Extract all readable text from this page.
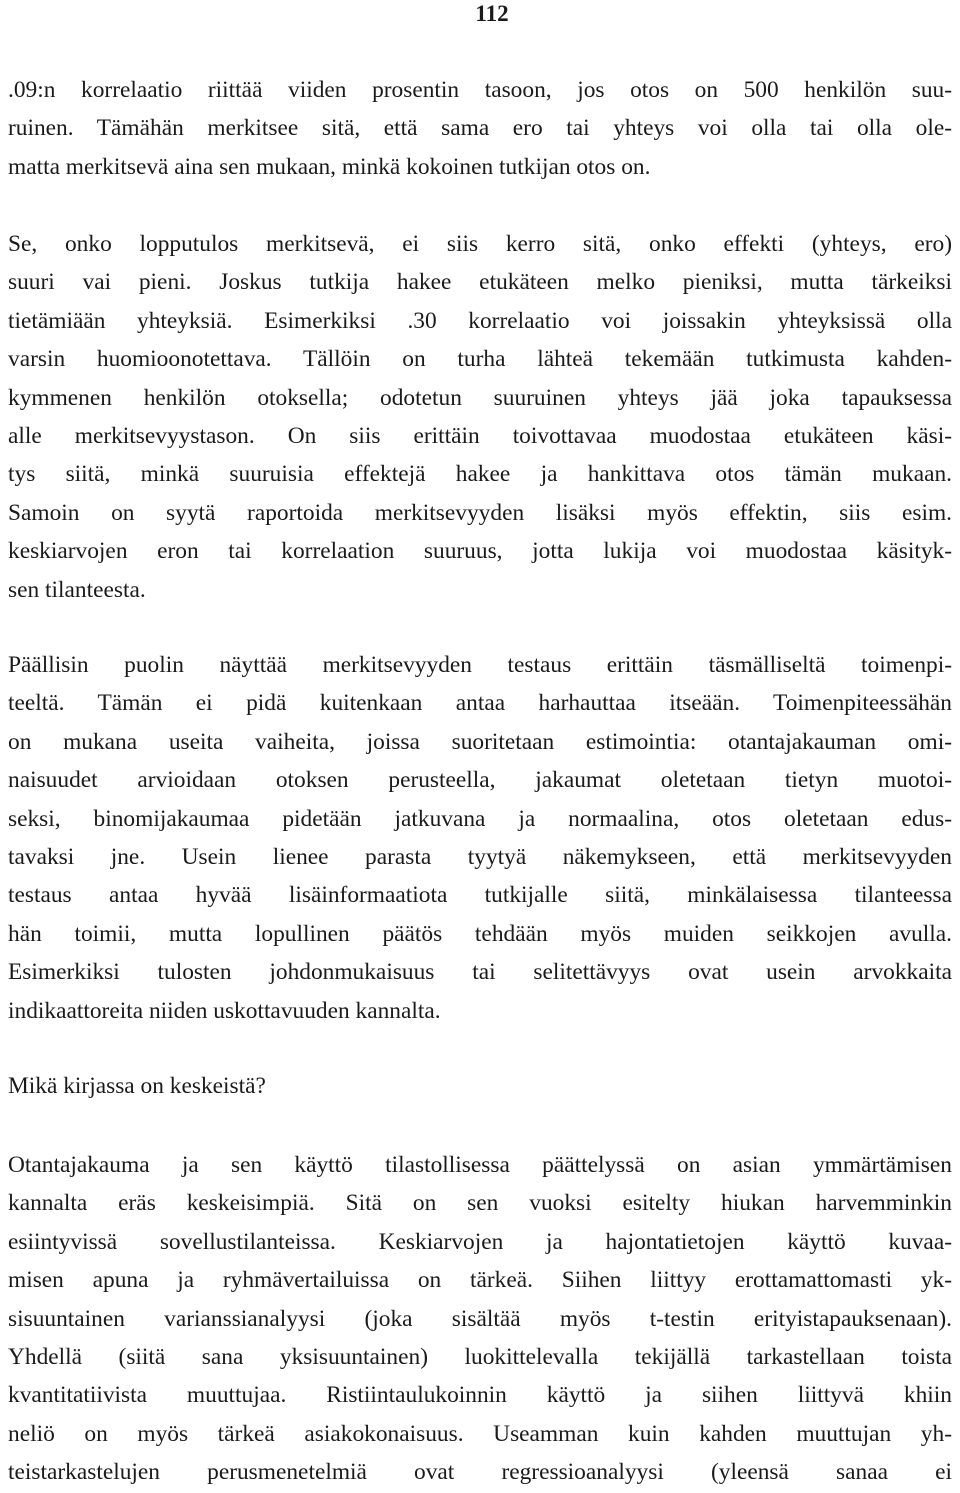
112
.09:n korrelaatio riittää viiden prosentin tasoon, jos otos on 500 henkilön suu-
ruinen. Tämähän merkitsee sitä, että sama ero tai yhteys voi olla tai olla ole-
matta merkitsevä aina sen mukaan, minkä kokoinen tutkijan otos on.
Se, onko lopputulos merkitsevä, ei siis kerro sitä, onko effekti (yhteys, ero)
suuri vai pieni. Joskus tutkija hakee etukäteen melko pieniksi, mutta tärkeiksi
tietämiään yhteyksiä. Esimerkiksi .30 korrelaatio voi joissakin yhteyksissä olla
varsin huomioonotettava. Tällöin on turha lähteä tekemään tutkimusta kahden-
kymmenen henkilön otoksella; odotetun suuruinen yhteys jää joka tapauksessa
alle merkitsevyystason. On siis erittäin toivottavaa muodostaa etukäteen käsi-
tys siitä, minkä suuruisia effektejä hakee ja hankittava otos tämän mukaan.
Samoin on syytä raportoida merkitsevyyden lisäksi myös effektin, siis esim.
keskiarvojen eron tai korrelaation suuruus, jotta lukija voi muodostaa käsityk-
sen tilanteesta.
Päällisin puolin näyttää merkitsevyyden testaus erittäin täsmälliseltä toimenpi-
teeltä. Tämän ei pidä kuitenkaan antaa harhauttaa itseään. Toimenpiteessähän
on mukana useita vaiheita, joissa suoritetaan estimointia: otantajakauman omi-
naisuudet arvioidaan otoksen perusteella, jakaumat oletetaan tietyn muotoi-
seksi, binomijakaumaa pidetään jatkuvana ja normaalina, otos oletetaan edus-
tavaksi jne. Usein lienee parasta tyytyä näkemykseen, että merkitsevyyden
testaus antaa hyvää lisäinformaatiota tutkijalle siitä, minkälaisessa tilanteessa
hän toimii, mutta lopullinen päätös tehdään myös muiden seikkojen avulla.
Esimerkiksi tulosten johdonmukaisuus tai selitettävyys ovat usein arvokkaita
indikaattoreita niiden uskottavuuden kannalta.
Mikä kirjassa on keskeistä?
Otantajakauma ja sen käyttö tilastollisessa päättelyssä on asian ymmärtämisen
kannalta eräs keskeisimpiä. Sitä on sen vuoksi esitelty hiukan harvemminkin
esiintyvissä sovellustilanteissa. Keskiarvojen ja hajontatietojen käyttö kuvaa-
misen apuna ja ryhmävertailuissa on tärkeä. Siihen liittyy erottamattomasti yk-
sisuuntainen varianssianalyysi (joka sisältää myös t-testin erityistapauksenaan).
Yhdellä (siitä sana yksisuuntainen) luokittelevalla tekijällä tarkastellaan toista
kvantitatiivista muuttujaa. Ristiintaulukoinnin käyttö ja siihen liittyvä khiin
neliö on myös tärkeä asiakokonaisuus. Useamman kuin kahden muuttujan yh-
teistarkastelujen perusmenetelmiä ovat regressioanalyysi (yleensä sanaa ei
